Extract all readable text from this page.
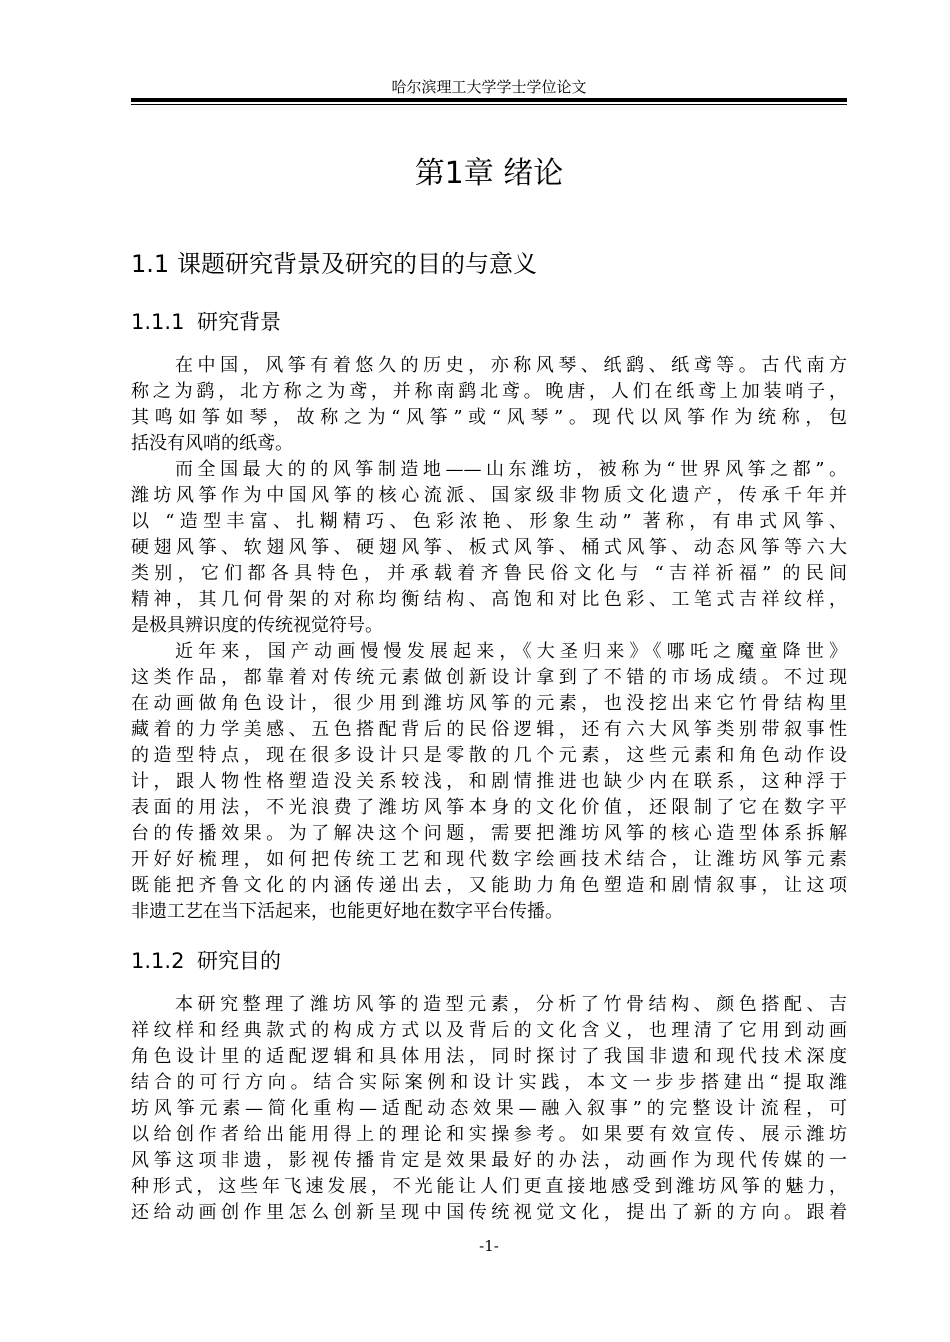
哈尔滨理工大学学士学位论文
第1章 绪论
1.1 课题研究背景及研究的目的与意义
1.1.1 研究背景
在中国，风筝有着悠久的历史，亦称风琴、纸鹞、纸鸢等。古代南方
称之为鹞，北方称之为鸢，并称南鹞北鸢。晚唐，人们在纸鸢上加装哨子，
其鸣如筝如琴，故称之为“风筝”或“风琴”。现代以风筝作为统称，包
括没有风哨的纸鸢。
而全国最大的的风筝制造地——山东潍坊，被称为“世界风筝之都”。
潍坊风筝作为中国风筝的核心流派、国家级非物质文化遗产，传承千年并
以 “造型丰富、扎糊精巧、色彩浓艳、形象生动” 著称，有串式风筝、
硬翅风筝、软翅风筝、硬翅风筝、板式风筝、桶式风筝、动态风筝等六大
类别，它们都各具特色，并承载着齐鲁民俗文化与 “吉祥祈福” 的民间
精神，其几何骨架的对称均衡结构、高饱和对比色彩、工笔式吉祥纹样，
是极具辨识度的传统视觉符号。
近年来，国产动画慢慢发展起来，《大圣归来》《哪吒之魔童降世》
这类作品，都靠着对传统元素做创新设计拿到了不错的市场成绩。不过现
在动画做角色设计，很少用到潍坊风筝的元素，也没挖出来它竹骨结构里
藏着的力学美感、五色搭配背后的民俗逻辑，还有六大风筝类别带叙事性
的造型特点，现在很多设计只是零散的几个元素，这些元素和角色动作设
计，跟人物性格塑造没关系较浅，和剧情推进也缺少内在联系，这种浮于
表面的用法，不光浪费了潍坊风筝本身的文化价值，还限制了它在数字平
台的传播效果。为了解决这个问题，需要把潍坊风筝的核心造型体系拆解
开好好梳理，如何把传统工艺和现代数字绘画技术结合，让潍坊风筝元素
既能把齐鲁文化的内涵传递出去，又能助力角色塑造和剧情叙事，让这项
非遗工艺在当下活起来，也能更好地在数字平台传播。
1.1.2 研究目的
本研究整理了潍坊风筝的造型元素，分析了竹骨结构、颜色搭配、吉
祥纹样和经典款式的构成方式以及背后的文化含义，也理清了它用到动画
角色设计里的适配逻辑和具体用法，同时探讨了我国非遗和现代技术深度
结合的可行方向。结合实际案例和设计实践，本文一步步搭建出“提取潍
坊风筝元素—简化重构—适配动态效果—融入叙事”的完整设计流程，可
以给创作者给出能用得上的理论和实操参考。如果要有效宣传、展示潍坊
风筝这项非遗，影视传播肯定是效果最好的办法，动画作为现代传媒的一
种形式，这些年飞速发展，不光能让人们更直接地感受到潍坊风筝的魅力，
还给动画创作里怎么创新呈现中国传统视觉文化，提出了新的方向。跟着
-1-
